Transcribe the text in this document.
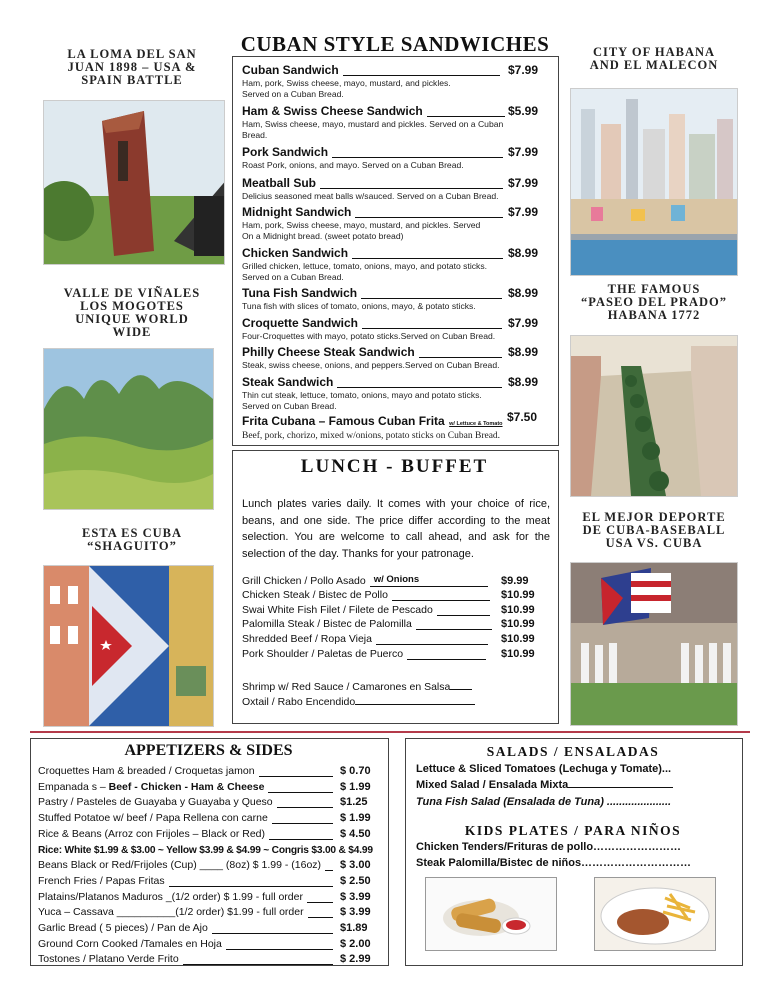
CUBAN STYLE SANDWICHES
LA LOMA DEL SAN
JUAN 1898 – USA &
SPAIN BATTLE
VALLE DE VIÑALES
LOS MOGOTES
UNIQUE WORLD
WIDE
ESTA ES CUBA
“SHAGUITO”
CITY OF HABANA
AND EL MALECON
THE FAMOUS
“PASEO DEL PRADO”
HABANA 1772
EL MEJOR DEPORTE
DE CUBA-BASEBALL
USA VS. CUBA
Cuban Sandwich
Ham, pork, Swiss cheese, mayo, mustard, and pickles.
Served on a Cuban Bread.
$7.99
Ham & Swiss Cheese Sandwich
Ham, Swiss cheese, mayo, mustard and pickles. Served on a Cuban
Bread.
$5.99
Pork Sandwich
Roast Pork, onions, and mayo. Served on a Cuban Bread.
$7.99
Meatball Sub
Delicius seasoned meat balls w/sauced. Served on a Cuban Bread.
$7.99
Midnight Sandwich
Ham, pork, Swiss cheese, mayo, mustard, and pickles. Served
On a Midnight bread. (sweet potato bread)
$7.99
Chicken Sandwich
Grilled chicken, lettuce, tomato, onions, mayo, and potato sticks.
Served on a Cuban Bread.
$8.99
Tuna Fish Sandwich
Tuna fish with slices of tomato, onions, mayo, & potato sticks.
$8.99
Croquette Sandwich
Four-Croquettes with mayo, potato sticks.Served on Cuban Bread.
$7.99
Philly Cheese Steak Sandwich
Steak, swiss cheese, onions, and peppers.Served on Cuban Bread.
$8.99
Steak Sandwich
Thin cut steak, lettuce, tomato, onions, mayo and potato sticks.
Served on Cuban Bread.
$8.99
Frita Cubana – Famous Cuban Frita w/ Lettuce & Tomato
Beef, pork, chorizo, mixed w/onions, potato sticks on Cuban Bread.
$7.50
LUNCH - BUFFET
Lunch plates varies daily. It comes with your choice of rice, beans, and one side. The price differ according to the meat selection. You are welcome to call ahead, and ask for the selection of the day. Thanks for your patronage.
Grill Chicken / Pollo Asado w/ Onions	$9.99
Chicken Steak / Bistec de Pollo	$10.99
Swai White Fish Filet / Filete de Pescado	$10.99
Palomilla Steak / Bistec de Palomilla	$10.99
Shredded Beef / Ropa Vieja	$10.99
Pork Shoulder / Paletas de Puerco	$10.99
Shrimp w/ Red Sauce / Camarones en Salsa
Oxtail / Rabo Encendido
APPETIZERS & SIDES
Croquettes Ham & breaded / Croquetas jamon	$ 0.70
Empanada s – Beef - Chicken - Ham & Cheese	$ 1.99
Pastry / Pasteles de Guayaba y Guayaba y Queso	$1.25
Stuffed Potatoe w/ beef / Papa Rellena con carne	$ 1.99
Rice & Beans (Arroz con Frijoles – Black or Red)	$ 4.50
Rice: White $1.99 & $3.00 ~ Yellow $3.99 & $4.99 ~ Congris $3.00 & $4.99
Beans Black or Red/Frijoles (Cup) ____ (8oz) $ 1.99 - (16oz) $ 3.00
French Fries / Papas Fritas	$ 2.50
Platains/Platanos Maduros _(1/2 order) $ 1.99 - full order	$ 3.99
Yuca – Cassava __________(1/2 order) $1.99 - full order	$ 3.99
Garlic Bread ( 5 pieces) / Pan de Ajo	$1.89
Ground Corn Cooked /Tamales en Hoja	$ 2.00
Tostones / Platano Verde Frito	$ 2.99
SALADS / ENSALADAS
Lettuce & Sliced Tomatoes (Lechuga y Tomate)...
Mixed Salad / Ensalada Mixta
Tuna Fish Salad (Ensalada de Tuna) .....................
KIDS PLATES / PARA NIÑOS
Chicken Tenders/Frituras de pollo……………………
Steak Palomilla/Bistec de niños…………………………
